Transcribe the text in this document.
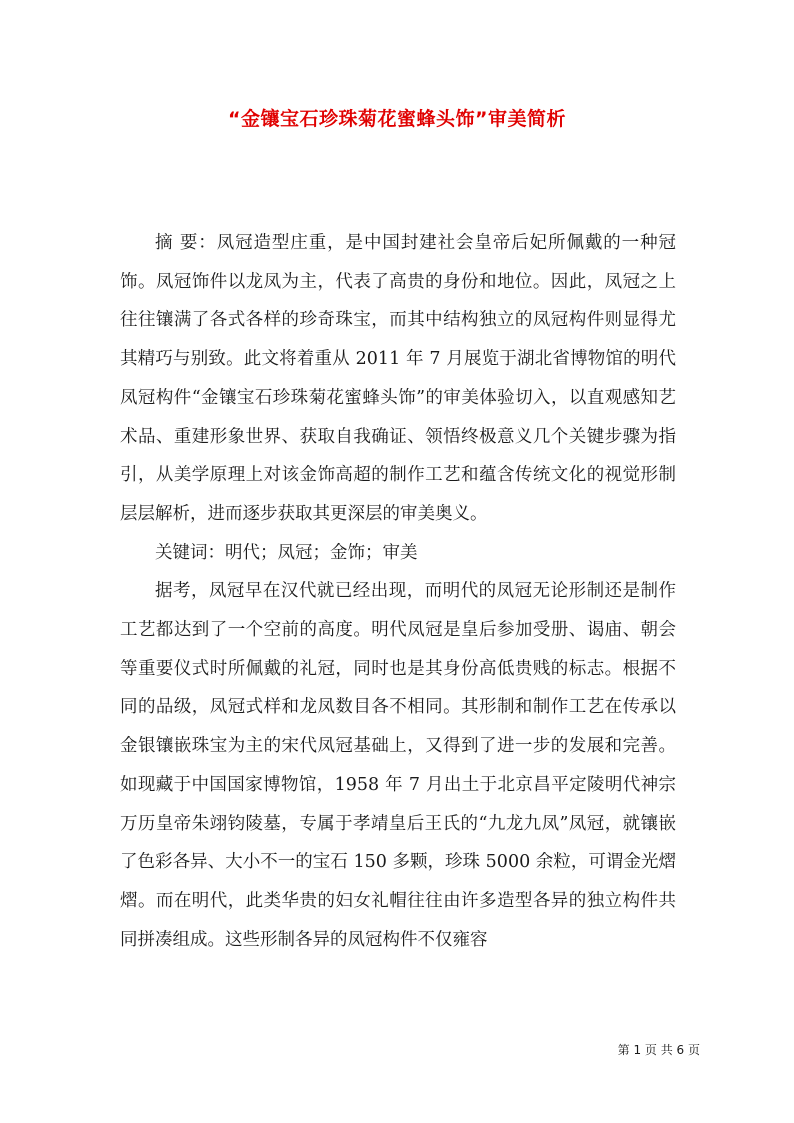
“金镶宝石珍珠菊花蜜蜂头饰”审美简析

摘 要：凤冠造型庄重，是中国封建社会皇帝后妃所佩戴的一种冠饰。凤冠饰件以龙凤为主，代表了高贵的身份和地位。因此，凤冠之上往往镶满了各式各样的珍奇珠宝，而其中结构独立的凤冠构件则显得尤其精巧与别致。此文将着重从 2011 年 7 月展览于湖北省博物馆的明代凤冠构件“金镶宝石珍珠菊花蜜蜂头饰”的审美体验切入，以直观感知艺术品、重建形象世界、获取自我确证、领悟终极意义几个关键步骤为指引，从美学原理上对该金饰高超的制作工艺和蕴含传统文化的视觉形制层层解析，进而逐步获取其更深层的审美奥义。

关键词：明代；凤冠；金饰；审美

据考，凤冠早在汉代就已经出现，而明代的凤冠无论形制还是制作工艺都达到了一个空前的高度。明代凤冠是皇后参加受册、谒庙、朝会等重要仪式时所佩戴的礼冠，同时也是其身份高低贵贱的标志。根据不同的品级，凤冠式样和龙凤数目各不相同。其形制和制作工艺在传承以金银镶嵌珠宝为主的宋代凤冠基础上，又得到了进一步的发展和完善。如现藏于中国国家博物馆，1958 年 7 月出土于北京昌平定陵明代神宗万历皇帝朱翊钧陵墓，专属于孝靖皇后王氏的“九龙九凤”凤冠，就镶嵌了色彩各异、大小不一的宝石 150 多颗，珍珠 5000 余粒，可谓金光熠熠。而在明代，此类华贵的妇女礼帽往往由许多造型各异的独立构件共同拼凑组成。这些形制各异的凤冠构件不仅雍容

第 1 页 共 6 页
